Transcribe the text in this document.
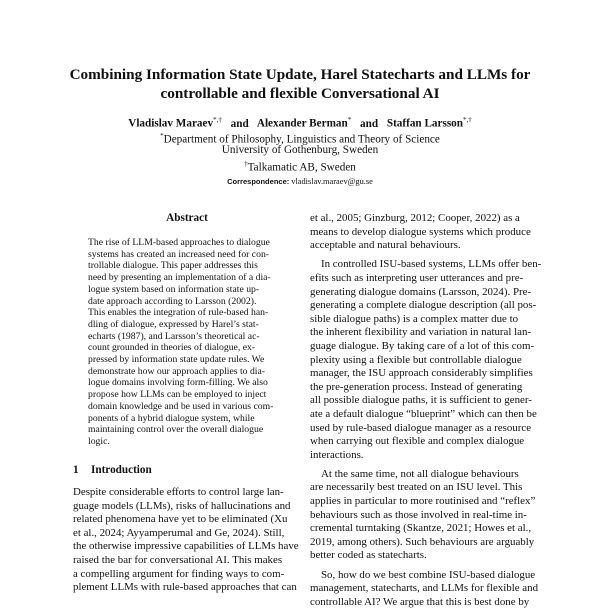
Combining Information State Update, Harel Statecharts and LLMs for
controllable and flexible Conversational AI
Vladislav Maraev*,† and Alexander Berman* and Staffan Larsson*,†
*Department of Philosophy, Linguistics and Theory of Science
University of Gothenburg, Sweden
†Talkamatic AB, Sweden
Correspondence: vladislav.maraev@gu.se
Abstract
The rise of LLM-based approaches to dialogue
systems has created an increased need for con-
trollable dialogue. This paper addresses this
need by presenting an implementation of a dia-
logue system based on information state up-
date approach according to Larsson (2002).
This enables the integration of rule-based han-
dling of dialogue, expressed by Harel’s stat-
echarts (1987), and Larsson’s theoretical ac-
count grounded in theories of dialogue, ex-
pressed by information state update rules. We
demonstrate how our approach applies to dia-
logue domains involving form-filling. We also
propose how LLMs can be employed to inject
domain knowledge and be used in various com-
ponents of a hybrid dialogue system, while
maintaining control over the overall dialogue
logic.
1 Introduction
Despite considerable efforts to control large lan-
guage models (LLMs), risks of hallucinations and
related phenomena have yet to be eliminated (Xu
et al., 2024; Ayyamperumal and Ge, 2024). Still,
the otherwise impressive capabilities of LLMs have
raised the bar for conversational AI. This makes
a compelling argument for finding ways to com-
plement LLMs with rule-based approaches that can
et al., 2005; Ginzburg, 2012; Cooper, 2022) as a
means to develop dialogue systems which produce
acceptable and natural behaviours.
In controlled ISU-based systems, LLMs offer ben-
efits such as interpreting user utterances and pre-
generating dialogue domains (Larsson, 2024). Pre-
generating a complete dialogue description (all pos-
sible dialogue paths) is a complex matter due to
the inherent flexibility and variation in natural lan-
guage dialogue. By taking care of a lot of this com-
plexity using a flexible but controllable dialogue
manager, the ISU approach considerably simplifies
the pre-generation process. Instead of generating
all possible dialogue paths, it is sufficient to gener-
ate a default dialogue “blueprint” which can then be
used by rule-based dialogue manager as a resource
when carrying out flexible and complex dialogue
interactions.
At the same time, not all dialogue behaviours
are necessarily best treated on an ISU level. This
applies in particular to more routinised and “reflex”
behaviours such as those involved in real-time in-
cremental turntaking (Skantze, 2021; Howes et al.,
2019, among others). Such behaviours are arguably
better coded as statecharts.
So, how do we best combine ISU-based dialogue
management, statecharts, and LLMs for flexible and
controllable AI? We argue that this is best done by
